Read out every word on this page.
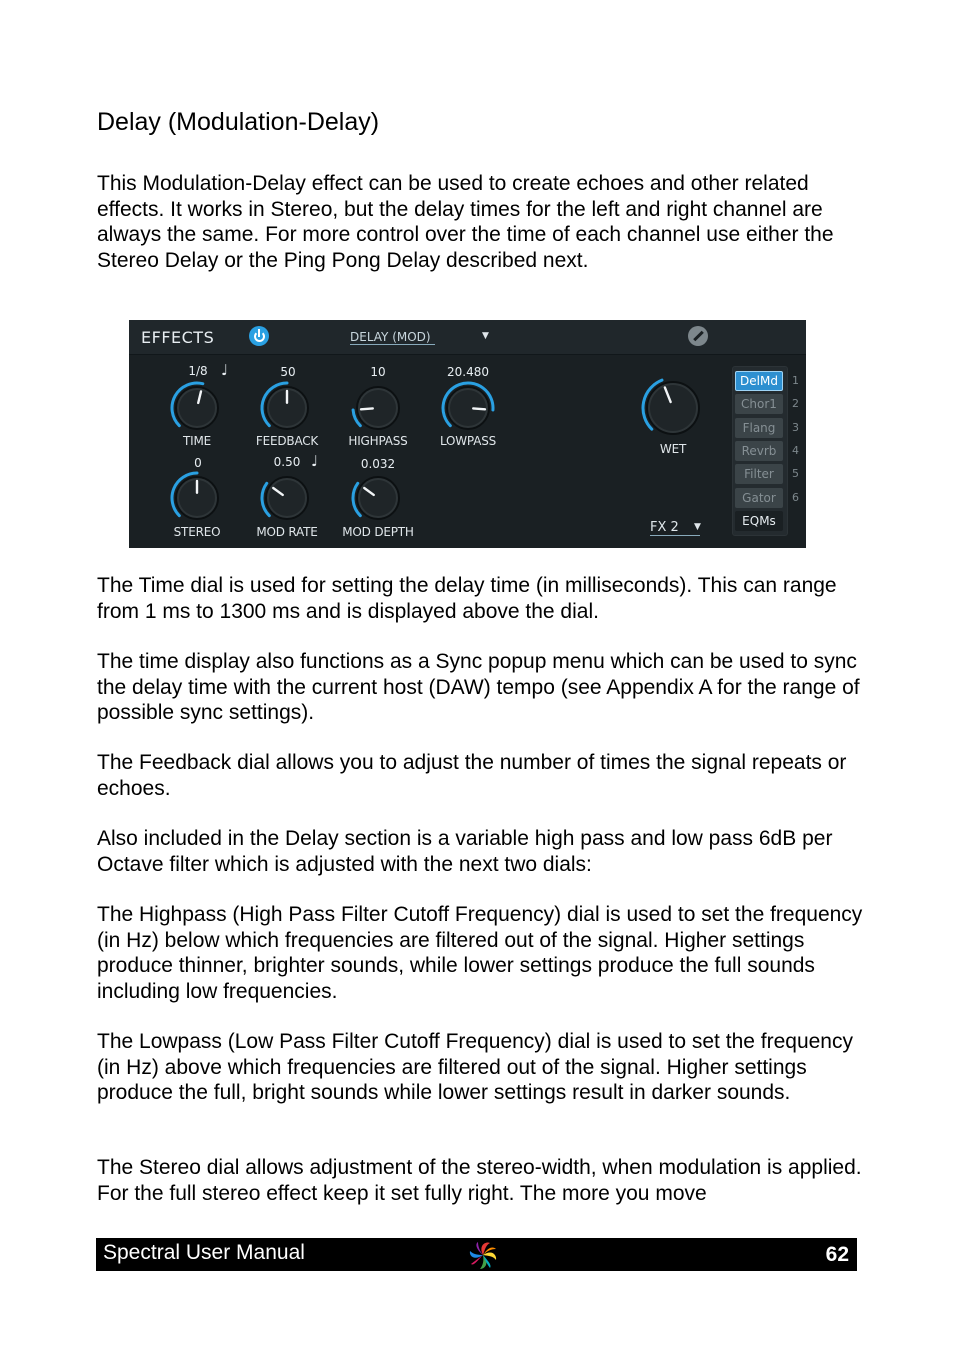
Delay (Modulation-Delay)

This Modulation-Delay effect can be used to create echoes and other related effects. It works in Stereo, but the delay times for the left and right channel are always the same. For more control over the time of each channel use either the Stereo Delay or the Ping Pong Delay described next.

EFFECTS	DELAY (MOD)	▼
1/8 ♩
TIME
50
FEEDBACK
10
HIGHPASS
20.480
LOWPASS
0
STEREO
0.50 ♩
MOD RATE
0.032
MOD DEPTH
WET
FX 2	▼
DelMd	1
Chor1	2
Flang	3
Revrb	4
Filter	5
Gator	6
EQMs

The Time dial is used for setting the delay time (in milliseconds). This can range from 1 ms to 1300 ms and is displayed above the dial.

The time display also functions as a Sync popup menu which can be used to sync the delay time with the current host (DAW) tempo (see Appendix A for the range of possible sync settings).

The Feedback dial allows you to adjust the number of times the signal repeats or echoes.

Also included in the Delay section is a variable high pass and low pass 6dB per Octave filter which is adjusted with the next two dials:

The Highpass (High Pass Filter Cutoff Frequency) dial is used to set the frequency (in Hz) below which frequencies are filtered out of the signal. Higher settings produce thinner, brighter sounds, while lower settings produce the full sounds including low frequencies.

The Lowpass (Low Pass Filter Cutoff Frequency) dial is used to set the frequency (in Hz) above which frequencies are filtered out of the signal. Higher settings produce the full, bright sounds while lower settings result in darker sounds.

The Stereo dial allows adjustment of the stereo-width, when modulation is applied. For the full stereo effect keep it set fully right. The more you move

Spectral User Manual	62
